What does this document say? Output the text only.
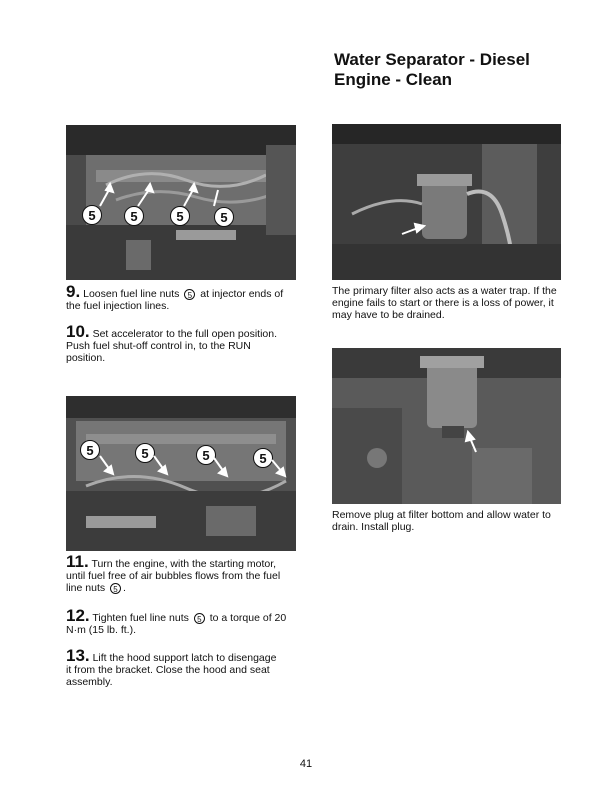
5	5	5	5
9. Loosen fuel line nuts 5 at injector ends of the fuel injection lines.
10. Set accelerator to the full open position. Push fuel shut-off control in, to the RUN position.
5	5	5	5
11. Turn the engine, with the starting motor, until fuel free of air bubbles flows from the fuel line nuts 5 .
12. Tighten fuel line nuts 5 to a torque of 20 N·m (15 lb. ft.).
13. Lift the hood support latch to disengage it from the bracket. Close the hood and seat assembly.
Water Separator - Diesel Engine - Clean
The primary filter also acts as a water trap. If the engine fails to start or there is a loss of power, it may have to be drained.
Remove plug at filter bottom and allow water to drain. Install plug.
41
